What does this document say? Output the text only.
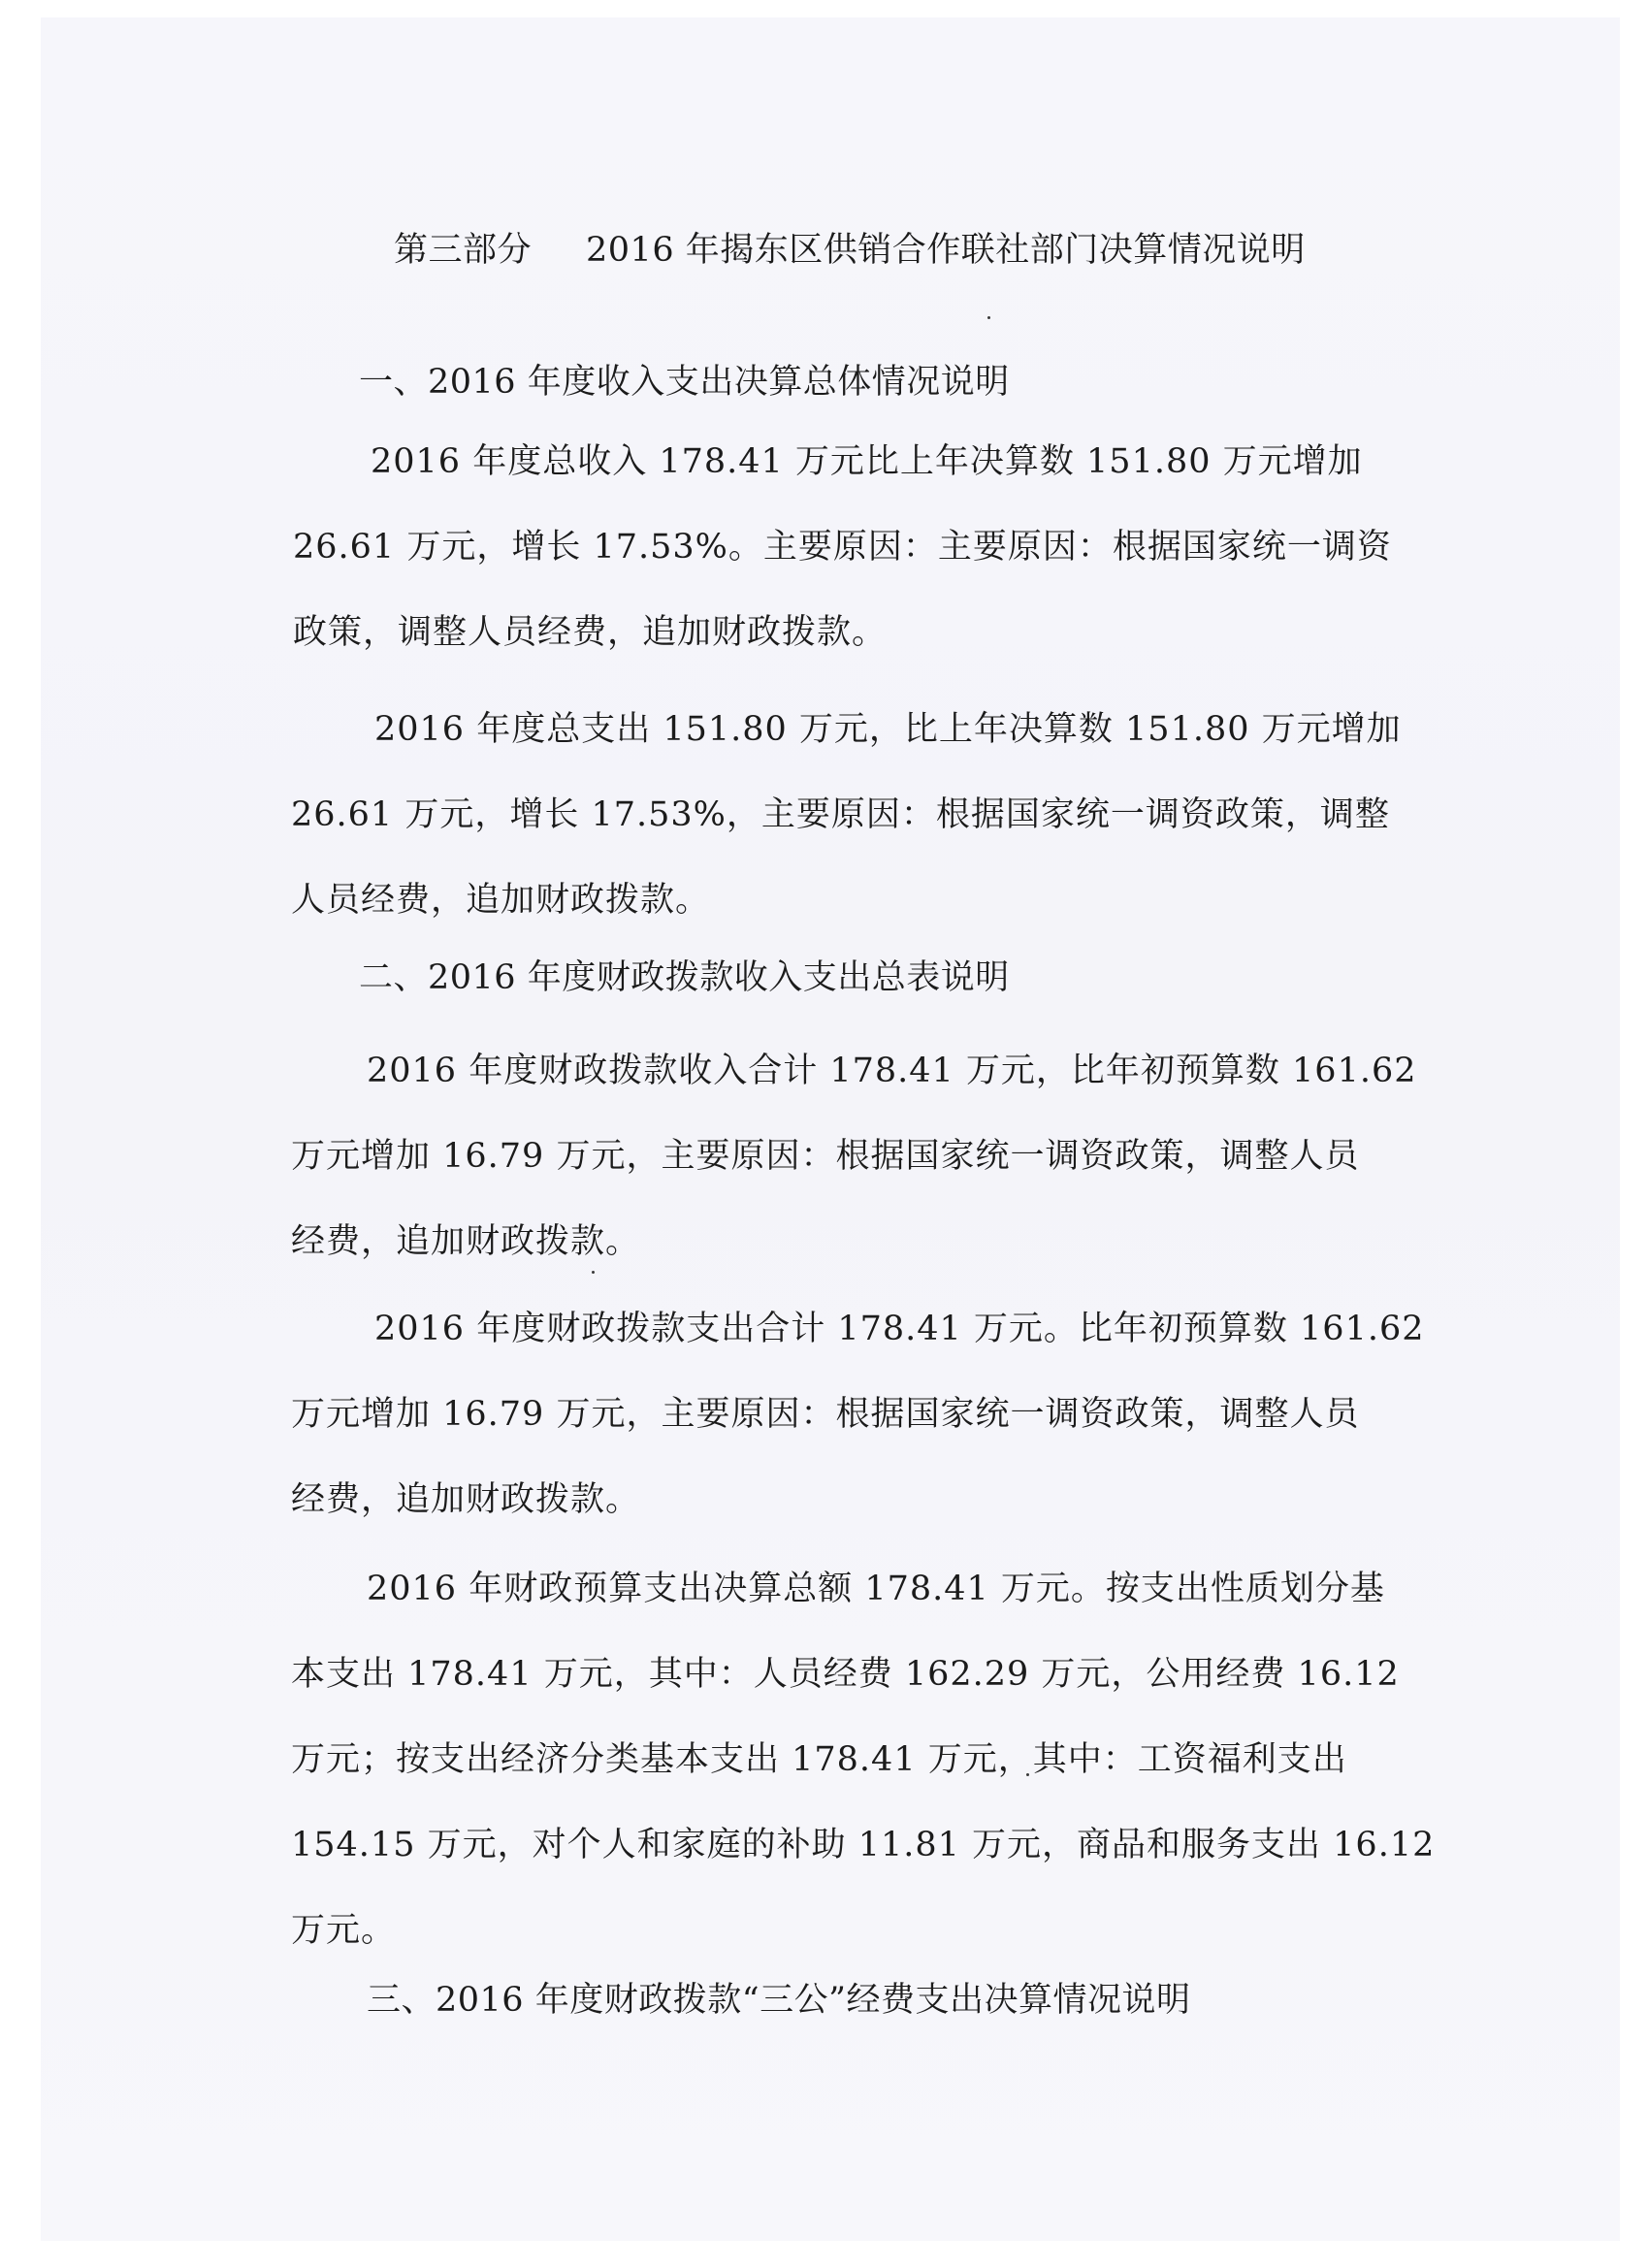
第三部分 2016 年揭东区供销合作联社部门决算情况说明
一、2016 年度收入支出决算总体情况说明
2016 年度总收入 178.41 万元比上年决算数 151.80 万元增加
26.61 万元，增长 17.53%。主要原因：主要原因：根据国家统一调资
政策，调整人员经费，追加财政拨款。
2016 年度总支出 151.80 万元，比上年决算数 151.80 万元增加
26.61 万元，增长 17.53%，主要原因：根据国家统一调资政策，调整
人员经费，追加财政拨款。
二、2016 年度财政拨款收入支出总表说明
2016 年度财政拨款收入合计 178.41 万元，比年初预算数 161.62
万元增加 16.79 万元，主要原因：根据国家统一调资政策，调整人员
经费，追加财政拨款。
2016 年度财政拨款支出合计 178.41 万元。比年初预算数 161.62
万元增加 16.79 万元，主要原因：根据国家统一调资政策，调整人员
经费，追加财政拨款。
2016 年财政预算支出决算总额 178.41 万元。按支出性质划分基
本支出 178.41 万元，其中：人员经费 162.29 万元，公用经费 16.12
万元；按支出经济分类基本支出 178.41 万元，其中：工资福利支出
154.15 万元，对个人和家庭的补助 11.81 万元，商品和服务支出 16.12
万元。
三、2016 年度财政拨款“三公”经费支出决算情况说明
